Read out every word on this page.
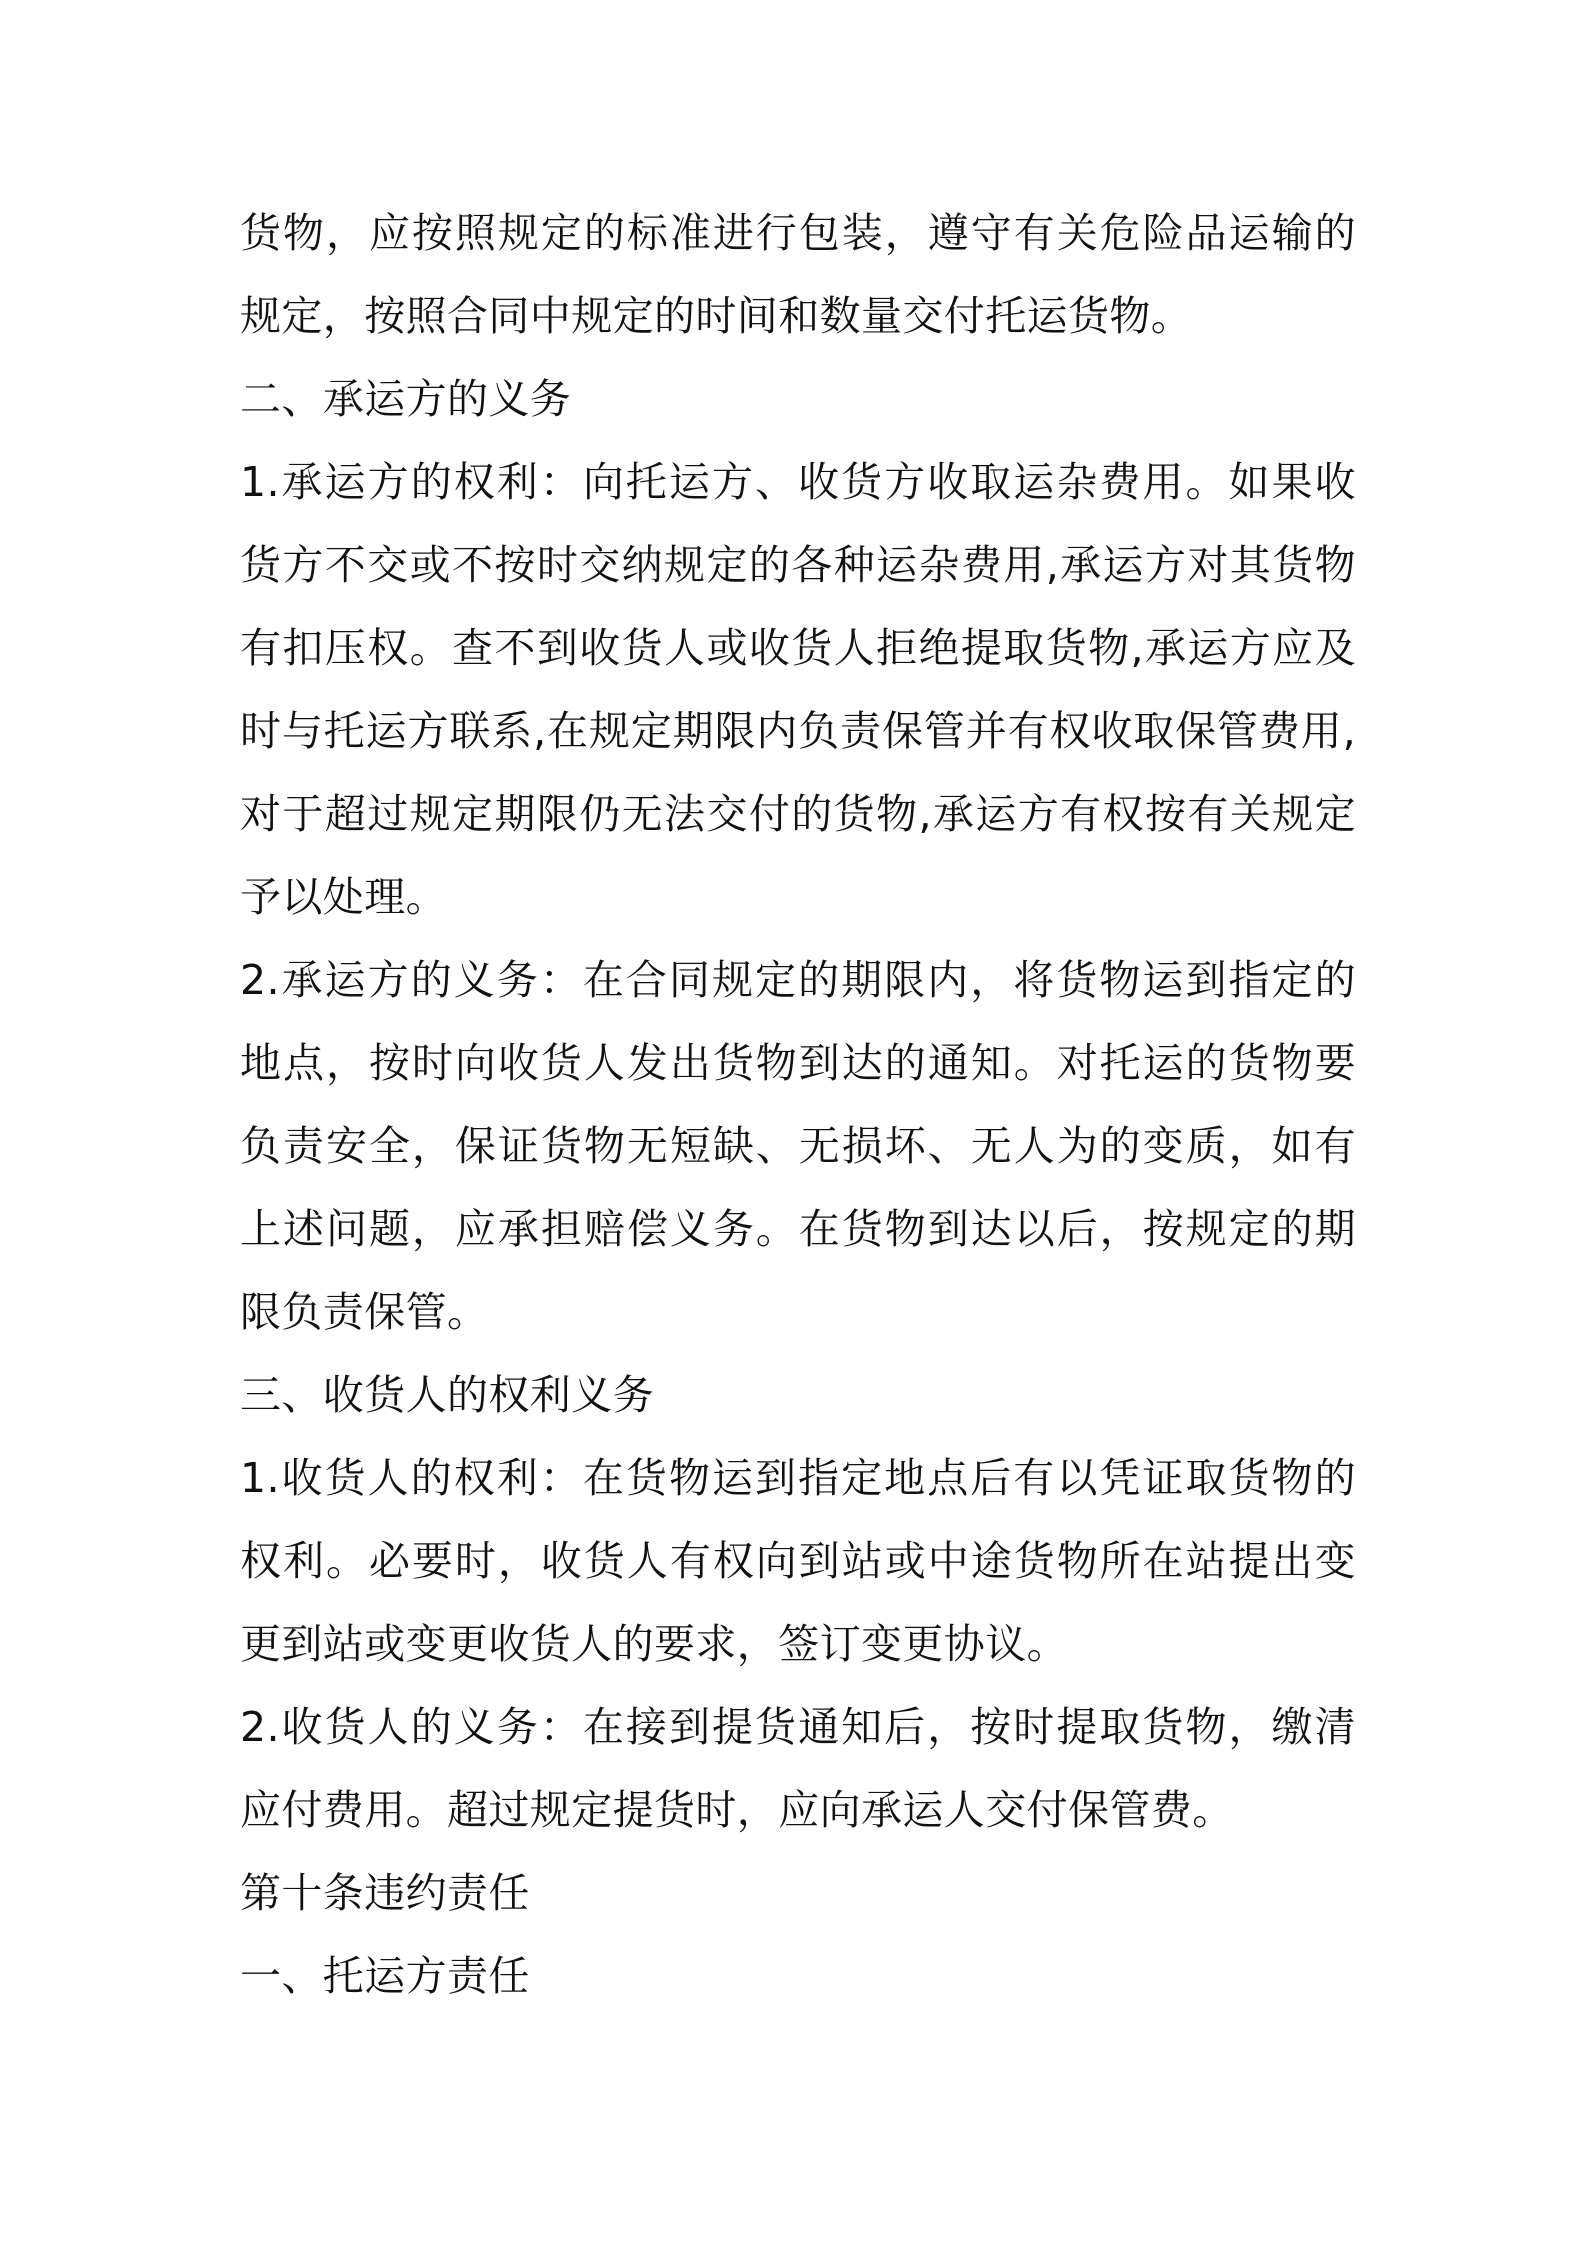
货物，应按照规定的标准进行包装，遵守有关危险品运输的规定，按照合同中规定的时间和数量交付托运货物。

二、承运方的义务

1.承运方的权利：向托运方、收货方收取运杂费用。如果收货方不交或不按时交纳规定的各种运杂费用,承运方对其货物有扣压权。查不到收货人或收货人拒绝提取货物,承运方应及时与托运方联系,在规定期限内负责保管并有权收取保管费用,对于超过规定期限仍无法交付的货物,承运方有权按有关规定予以处理。

2.承运方的义务：在合同规定的期限内，将货物运到指定的地点，按时向收货人发出货物到达的通知。对托运的货物要负责安全，保证货物无短缺、无损坏、无人为的变质，如有上述问题，应承担赔偿义务。在货物到达以后，按规定的期限负责保管。

三、收货人的权利义务

1.收货人的权利：在货物运到指定地点后有以凭证取货物的权利。必要时，收货人有权向到站或中途货物所在站提出变更到站或变更收货人的要求，签订变更协议。

2.收货人的义务：在接到提货通知后，按时提取货物，缴清应付费用。超过规定提货时，应向承运人交付保管费。

第十条违约责任

一、托运方责任
